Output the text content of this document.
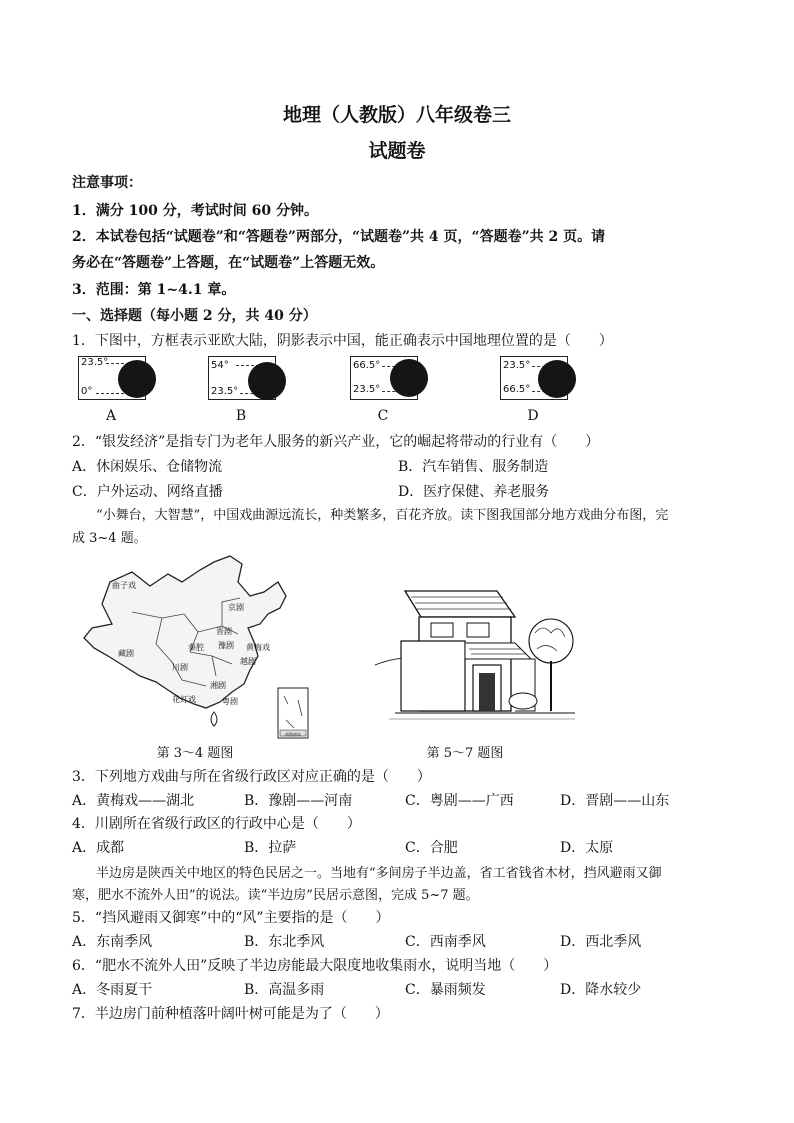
地理（人教版）八年级卷三
试题卷
注意事项：
1．满分 100 分，考试时间 60 分钟。
2．本试卷包括“试题卷”和“答题卷”两部分，“试题卷”共 4 页，“答题卷”共 2 页。请
务必在“答题卷”上答题，在“试题卷”上答题无效。
3．范围：第 1~4.1 章。
一、选择题（每小题 2 分，共 40 分）
1．下图中，方框表示亚欧大陆，阴影表示中国，能正确表示中国地理位置的是（　　）
23.5°
0°
A
54°
23.5°
B
66.5°
23.5°
C
23.5°
66.5°
D
2．“银发经济”是指专门为老年人服务的新兴产业，它的崛起将带动的行业有（　　）
A．休闲娱乐、仓储物流	B．汽车销售、服务制造
C．户外运动、网络直播	D．医疗保健、养老服务
“小舞台，大智慧”，中国戏曲源远流长，种类繁多，百花齐放。读下图我国部分地方戏曲分布图，完
成 3~4 题。
南海诸岛
曲子戏
京剧
晋剧
豫剧
秦腔	黄梅戏
越剧
藏剧
川剧
湘剧
粤剧
花灯戏
第 3～4 题图	第 5～7 题图
3．下列地方戏曲与所在省级行政区对应正确的是（　　）
A．黄梅戏——湖北	B．豫剧——河南	C．粤剧——广西	D．晋剧——山东
4．川剧所在省级行政区的行政中心是（　　）
A．成都	B．拉萨	C．合肥	D．太原
半边房是陕西关中地区的特色民居之一。当地有“多间房子半边盖，省工省钱省木材，挡风避雨又御
寒，肥水不流外人田”的说法。读“半边房”民居示意图，完成 5~7 题。
5．“挡风避雨又御寒”中的“风”主要指的是（　　）
A．东南季风	B．东北季风	C．西南季风	D．西北季风
6．“肥水不流外人田”反映了半边房能最大限度地收集雨水，说明当地（　　）
A．冬雨夏干	B．高温多雨	C．暴雨频发	D．降水较少
7．半边房门前种植落叶阔叶树可能是为了（　　）
